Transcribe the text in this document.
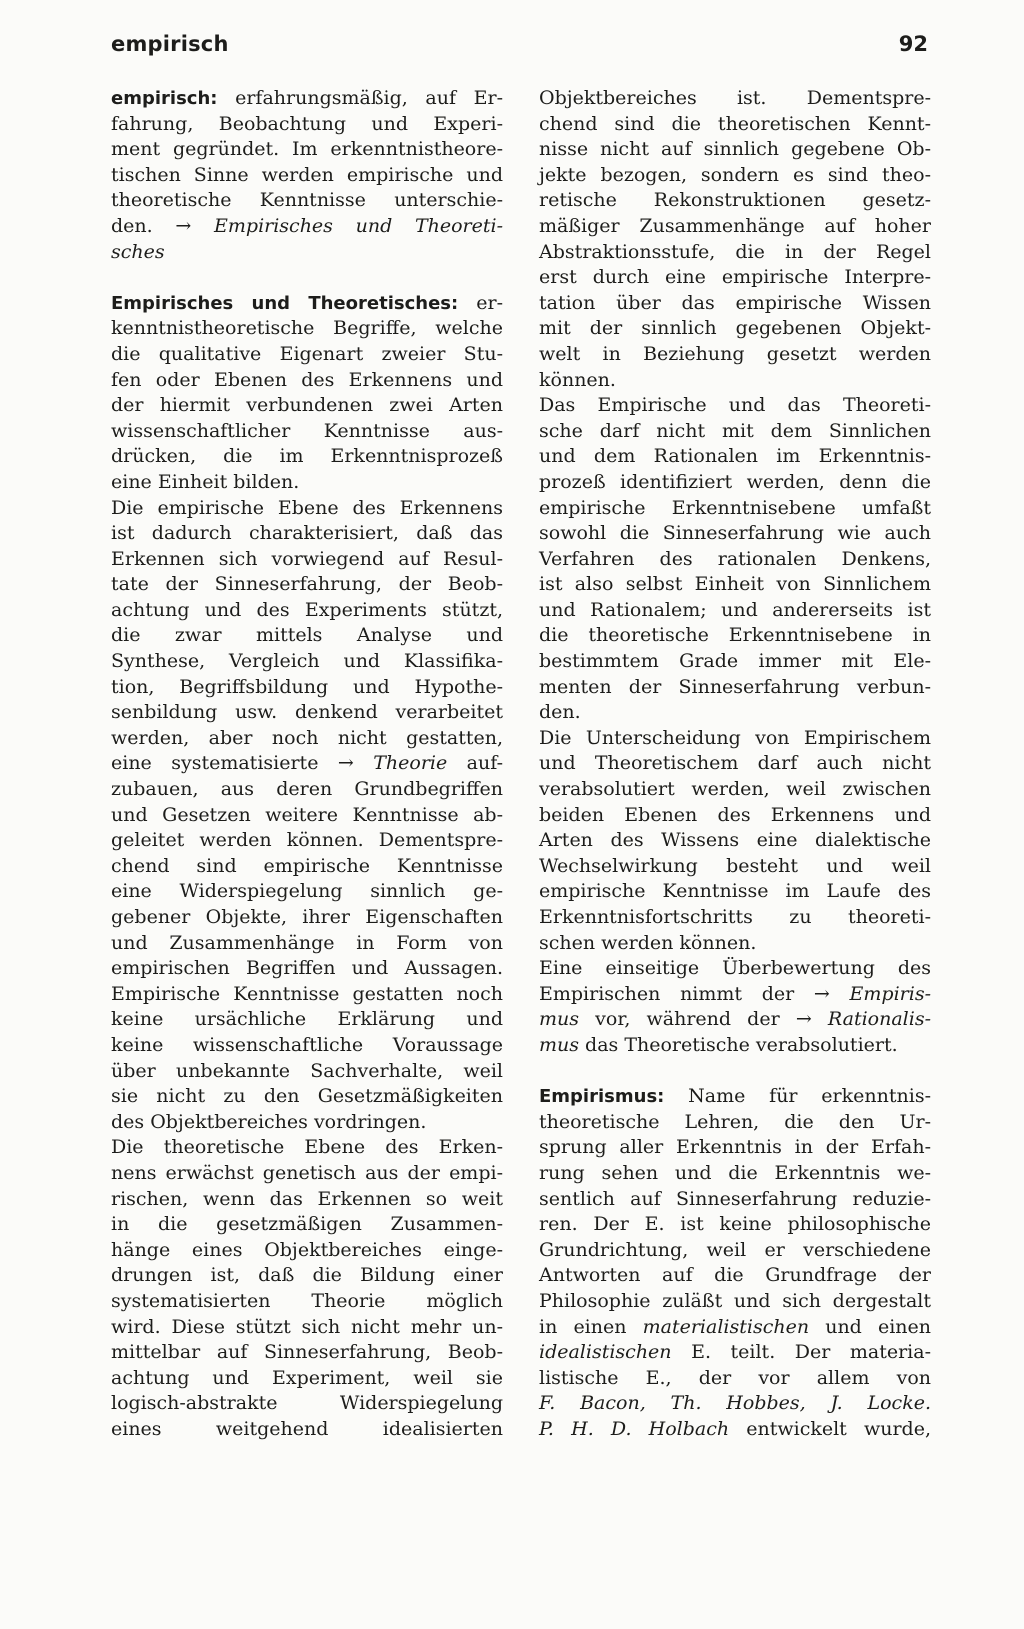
empirisch	92
empirisch: erfahrungsmäßig, auf Er-
fahrung, Beobachtung und Experi-
ment gegründet. Im erkenntnistheore-
tischen Sinne werden empirische und
theoretische Kenntnisse unterschie-
den. → Empirisches und Theoreti-
sches
Empirisches und Theoretisches: er-
kenntnistheoretische Begriffe, welche
die qualitative Eigenart zweier Stu-
fen oder Ebenen des Erkennens und
der hiermit verbundenen zwei Arten
wissenschaftlicher Kenntnisse aus-
drücken, die im Erkenntnisprozeß
eine Einheit bilden.
Die empirische Ebene des Erkennens
ist dadurch charakterisiert, daß das
Erkennen sich vorwiegend auf Resul-
tate der Sinneserfahrung, der Beob-
achtung und des Experiments stützt,
die zwar mittels Analyse und
Synthese, Vergleich und Klassifika-
tion, Begriffsbildung und Hypothe-
senbildung usw. denkend verarbeitet
werden, aber noch nicht gestatten,
eine systematisierte → Theorie auf-
zubauen, aus deren Grundbegriffen
und Gesetzen weitere Kenntnisse ab-
geleitet werden können. Dementspre-
chend sind empirische Kenntnisse
eine Widerspiegelung sinnlich ge-
gebener Objekte, ihrer Eigenschaften
und Zusammenhänge in Form von
empirischen Begriffen und Aussagen.
Empirische Kenntnisse gestatten noch
keine ursächliche Erklärung und
keine wissenschaftliche Voraussage
über unbekannte Sachverhalte, weil
sie nicht zu den Gesetzmäßigkeiten
des Objektbereiches vordringen.
Die theoretische Ebene des Erken-
nens erwächst genetisch aus der empi-
rischen, wenn das Erkennen so weit
in die gesetzmäßigen Zusammen-
hänge eines Objektbereiches einge-
drungen ist, daß die Bildung einer
systematisierten Theorie möglich
wird. Diese stützt sich nicht mehr un-
mittelbar auf Sinneserfahrung, Beob-
achtung und Experiment, weil sie
logisch-abstrakte Widerspiegelung
eines weitgehend idealisierten
Objektbereiches ist. Dementspre-
chend sind die theoretischen Kennt-
nisse nicht auf sinnlich gegebene Ob-
jekte bezogen, sondern es sind theo-
retische Rekonstruktionen gesetz-
mäßiger Zusammenhänge auf hoher
Abstraktionsstufe, die in der Regel
erst durch eine empirische Interpre-
tation über das empirische Wissen
mit der sinnlich gegebenen Objekt-
welt in Beziehung gesetzt werden
können.
Das Empirische und das Theoreti-
sche darf nicht mit dem Sinnlichen
und dem Rationalen im Erkenntnis-
prozeß identifiziert werden, denn die
empirische Erkenntnisebene umfaßt
sowohl die Sinneserfahrung wie auch
Verfahren des rationalen Denkens,
ist also selbst Einheit von Sinnlichem
und Rationalem; und andererseits ist
die theoretische Erkenntnisebene in
bestimmtem Grade immer mit Ele-
menten der Sinneserfahrung verbun-
den.
Die Unterscheidung von Empirischem
und Theoretischem darf auch nicht
verabsolutiert werden, weil zwischen
beiden Ebenen des Erkennens und
Arten des Wissens eine dialektische
Wechselwirkung besteht und weil
empirische Kenntnisse im Laufe des
Erkenntnisfortschritts zu theoreti-
schen werden können.
Eine einseitige Überbewertung des
Empirischen nimmt der → Empiris-
mus vor, während der → Rationalis-
mus das Theoretische verabsolutiert.
Empirismus: Name für erkenntnis-
theoretische Lehren, die den Ur-
sprung aller Erkenntnis in der Erfah-
rung sehen und die Erkenntnis we-
sentlich auf Sinneserfahrung reduzie-
ren. Der E. ist keine philosophische
Grundrichtung, weil er verschiedene
Antworten auf die Grundfrage der
Philosophie zuläßt und sich dergestalt
in einen materialistischen und einen
idealistischen E. teilt. Der materia-
listische E., der vor allem von
F. Bacon, Th. Hobbes, J. Locke.
P. H. D. Holbach entwickelt wurde,
